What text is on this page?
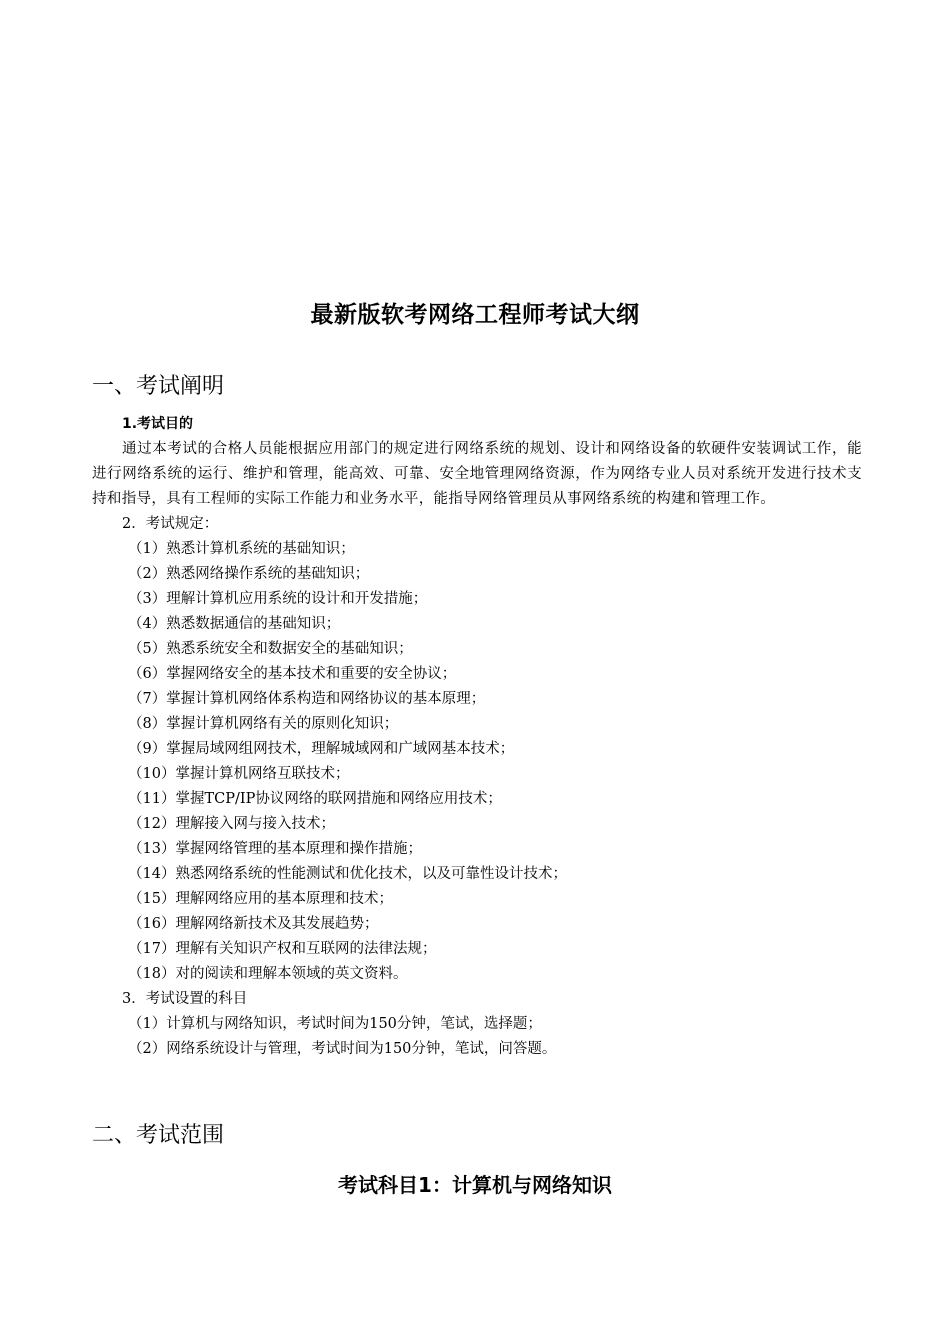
最新版软考网络工程师考试大纲
一、考试阐明
1.考试目的
通过本考试的合格人员能根据应用部门的规定进行网络系统的规划、设计和网络设备的软硬件安装调试工作，能进行网络系统的运行、维护和管理，能高效、可靠、安全地管理网络资源，作为网络专业人员对系统开发进行技术支持和指导，具有工程师的实际工作能力和业务水平，能指导网络管理员从事网络系统的构建和管理工作。
2．考试规定：
（1）熟悉计算机系统的基础知识；
（2）熟悉网络操作系统的基础知识；
（3）理解计算机应用系统的设计和开发措施；
（4）熟悉数据通信的基础知识；
（5）熟悉系统安全和数据安全的基础知识；
（6）掌握网络安全的基本技术和重要的安全协议；
（7）掌握计算机网络体系构造和网络协议的基本原理；
（8）掌握计算机网络有关的原则化知识；
（9）掌握局域网组网技术，理解城域网和广域网基本技术；
（10）掌握计算机网络互联技术；
（11）掌握TCP/IP协议网络的联网措施和网络应用技术；
（12）理解接入网与接入技术；
（13）掌握网络管理的基本原理和操作措施；
（14）熟悉网络系统的性能测试和优化技术，以及可靠性设计技术；
（15）理解网络应用的基本原理和技术；
（16）理解网络新技术及其发展趋势；
（17）理解有关知识产权和互联网的法律法规；
（18）对的阅读和理解本领域的英文资料。
3．考试设置的科目
（1）计算机与网络知识，考试时间为150分钟，笔试，选择题；
（2）网络系统设计与管理，考试时间为150分钟，笔试，问答题。
二、考试范围
考试科目1：计算机与网络知识
